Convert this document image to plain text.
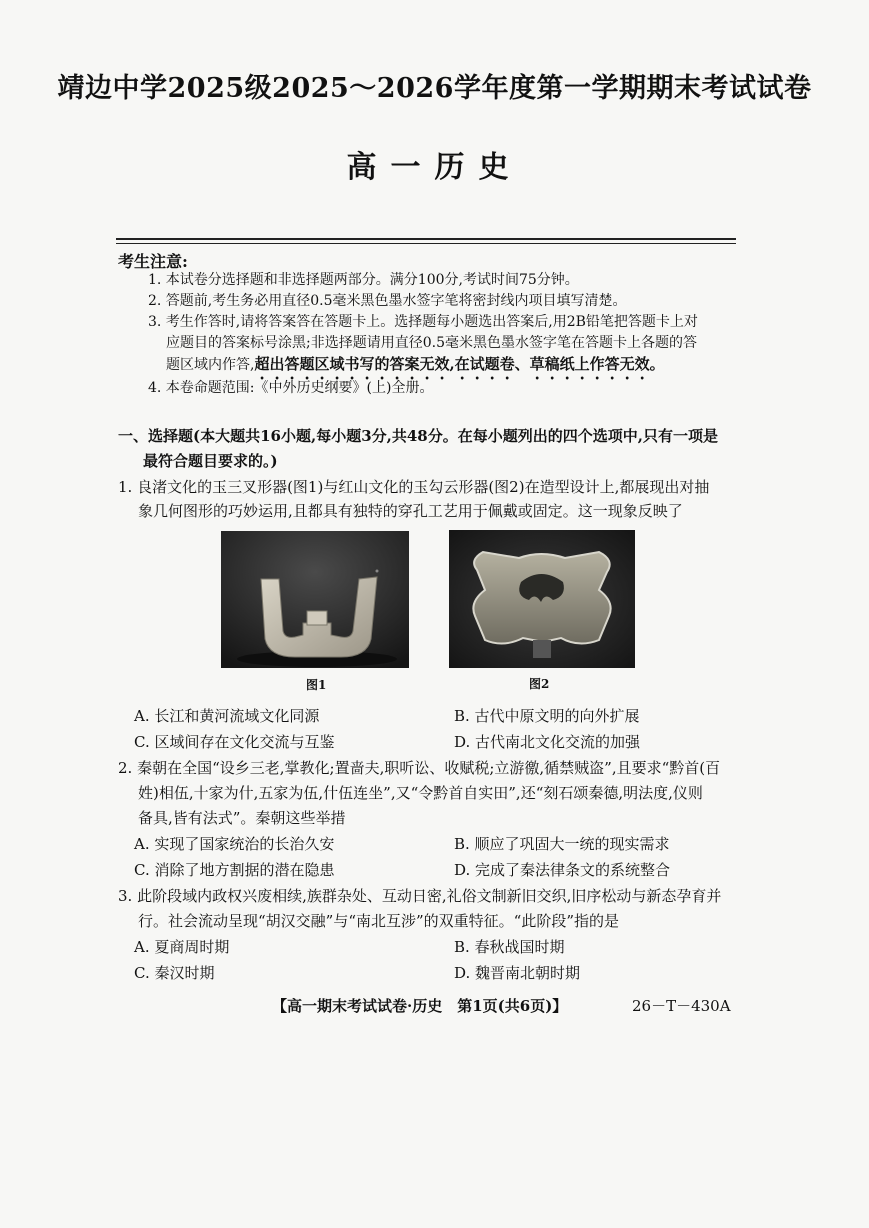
靖边中学2025级2025～2026学年度第一学期期末考试试卷
高一历史
考生注意:
1. 本试卷分选择题和非选择题两部分。满分100分,考试时间75分钟。
2. 答题前,考生务必用直径0.5毫米黑色墨水签字笔将密封线内项目填写清楚。
3. 考生作答时,请将答案答在答题卡上。选择题每小题选出答案后,用2B铅笔把答题卡上对
应题目的答案标号涂黑;非选择题请用直径0.5毫米黑色墨水签字笔在答题卡上各题的答
题区域内作答,超出答题区域书写的答案无效,在试题卷、草稿纸上作答无效。
4. 本卷命题范围:《中外历史纲要》(上)全册。
一、选择题(本大题共16小题,每小题3分,共48分。在每小题列出的四个选项中,只有一项是
最符合题目要求的。)
1. 良渚文化的玉三叉形器(图1)与红山文化的玉勾云形器(图2)在造型设计上,都展现出对抽
象几何图形的巧妙运用,且都具有独特的穿孔工艺用于佩戴或固定。这一现象反映了
图1	图2
A. 长江和黄河流域文化同源	B. 古代中原文明的向外扩展
C. 区域间存在文化交流与互鉴	D. 古代南北文化交流的加强
2. 秦朝在全国“设乡三老,掌教化;置啬夫,职听讼、收赋税;立游徼,循禁贼盗”,且要求“黔首(百
姓)相伍,十家为什,五家为伍,什伍连坐”,又“令黔首自实田”,还“刻石颂秦德,明法度,仪则
备具,皆有法式”。秦朝这些举措
A. 实现了国家统治的长治久安	B. 顺应了巩固大一统的现实需求
C. 消除了地方割据的潜在隐患	D. 完成了秦法律条文的系统整合
3. 此阶段域内政权兴废相续,族群杂处、互动日密,礼俗文制新旧交织,旧序松动与新态孕育并
行。社会流动呈现“胡汉交融”与“南北互涉”的双重特征。“此阶段”指的是
A. 夏商周时期	B. 春秋战国时期
C. 秦汉时期	D. 魏晋南北朝时期
【高一期末考试试卷·历史　第1页(共6页)】	26－T－430A
